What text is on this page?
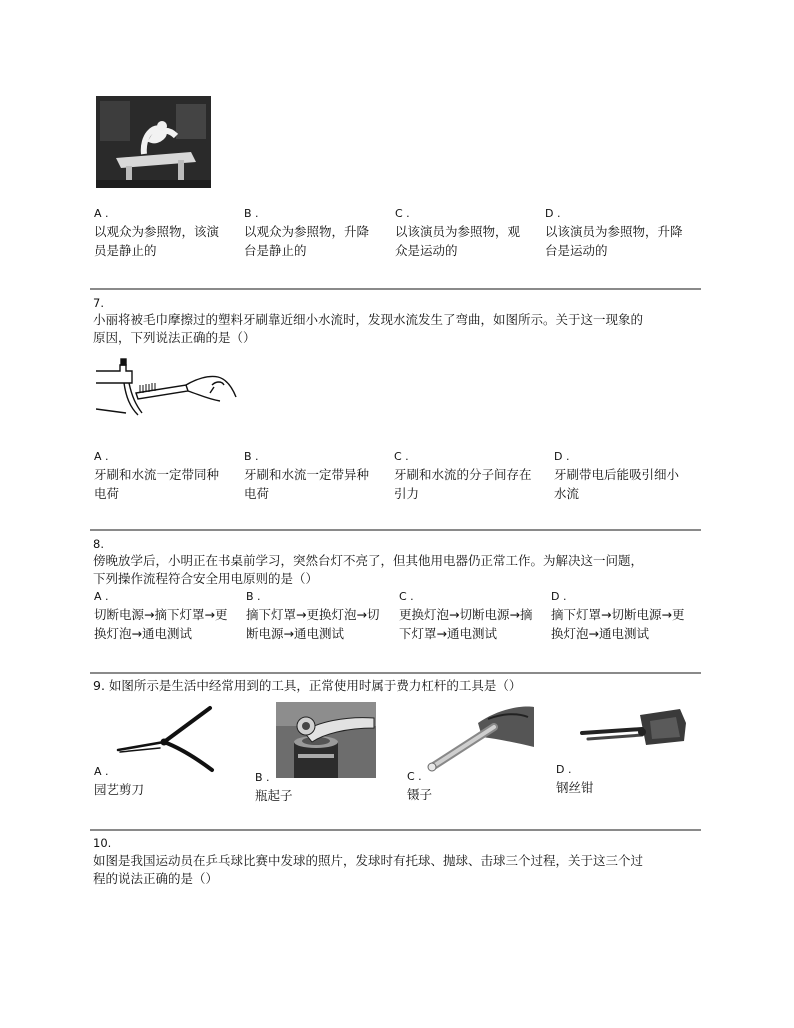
A .
以观众为参照物，该演
员是静止的
B .
以观众为参照物，升降
台是静止的
C .
以该演员为参照物，观
众是运动的
D .
以该演员为参照物，升降
台是运动的
7.
小丽将被毛巾摩擦过的塑料牙刷靠近细小水流时，发现水流发生了弯曲，如图所示。关于这一现象的
原因，下列说法正确的是（）
A .
牙刷和水流一定带同种
电荷
B .
牙刷和水流一定带异种
电荷
C .
牙刷和水流的分子间存在
引力
D .
牙刷带电后能吸引细小
水流
8.
傍晚放学后，小明正在书桌前学习，突然台灯不亮了，但其他用电器仍正常工作。为解决这一问题，
下列操作流程符合安全用电原则的是（）
A .
切断电源→摘下灯罩→更
换灯泡→通电测试
B .
摘下灯罩→更换灯泡→切
断电源→通电测试
C .
更换灯泡→切断电源→摘
下灯罩→通电测试
D .
摘下灯罩→切断电源→更
换灯泡→通电测试
9. 如图所示是生活中经常用到的工具，正常使用时属于费力杠杆的工具是（）
A .
园艺剪刀
B .
瓶起子
C .
镊子
D .
钢丝钳
10.
如图是我国运动员在乒乓球比赛中发球的照片，发球时有托球、抛球、击球三个过程，关于这三个过
程的说法正确的是（）
